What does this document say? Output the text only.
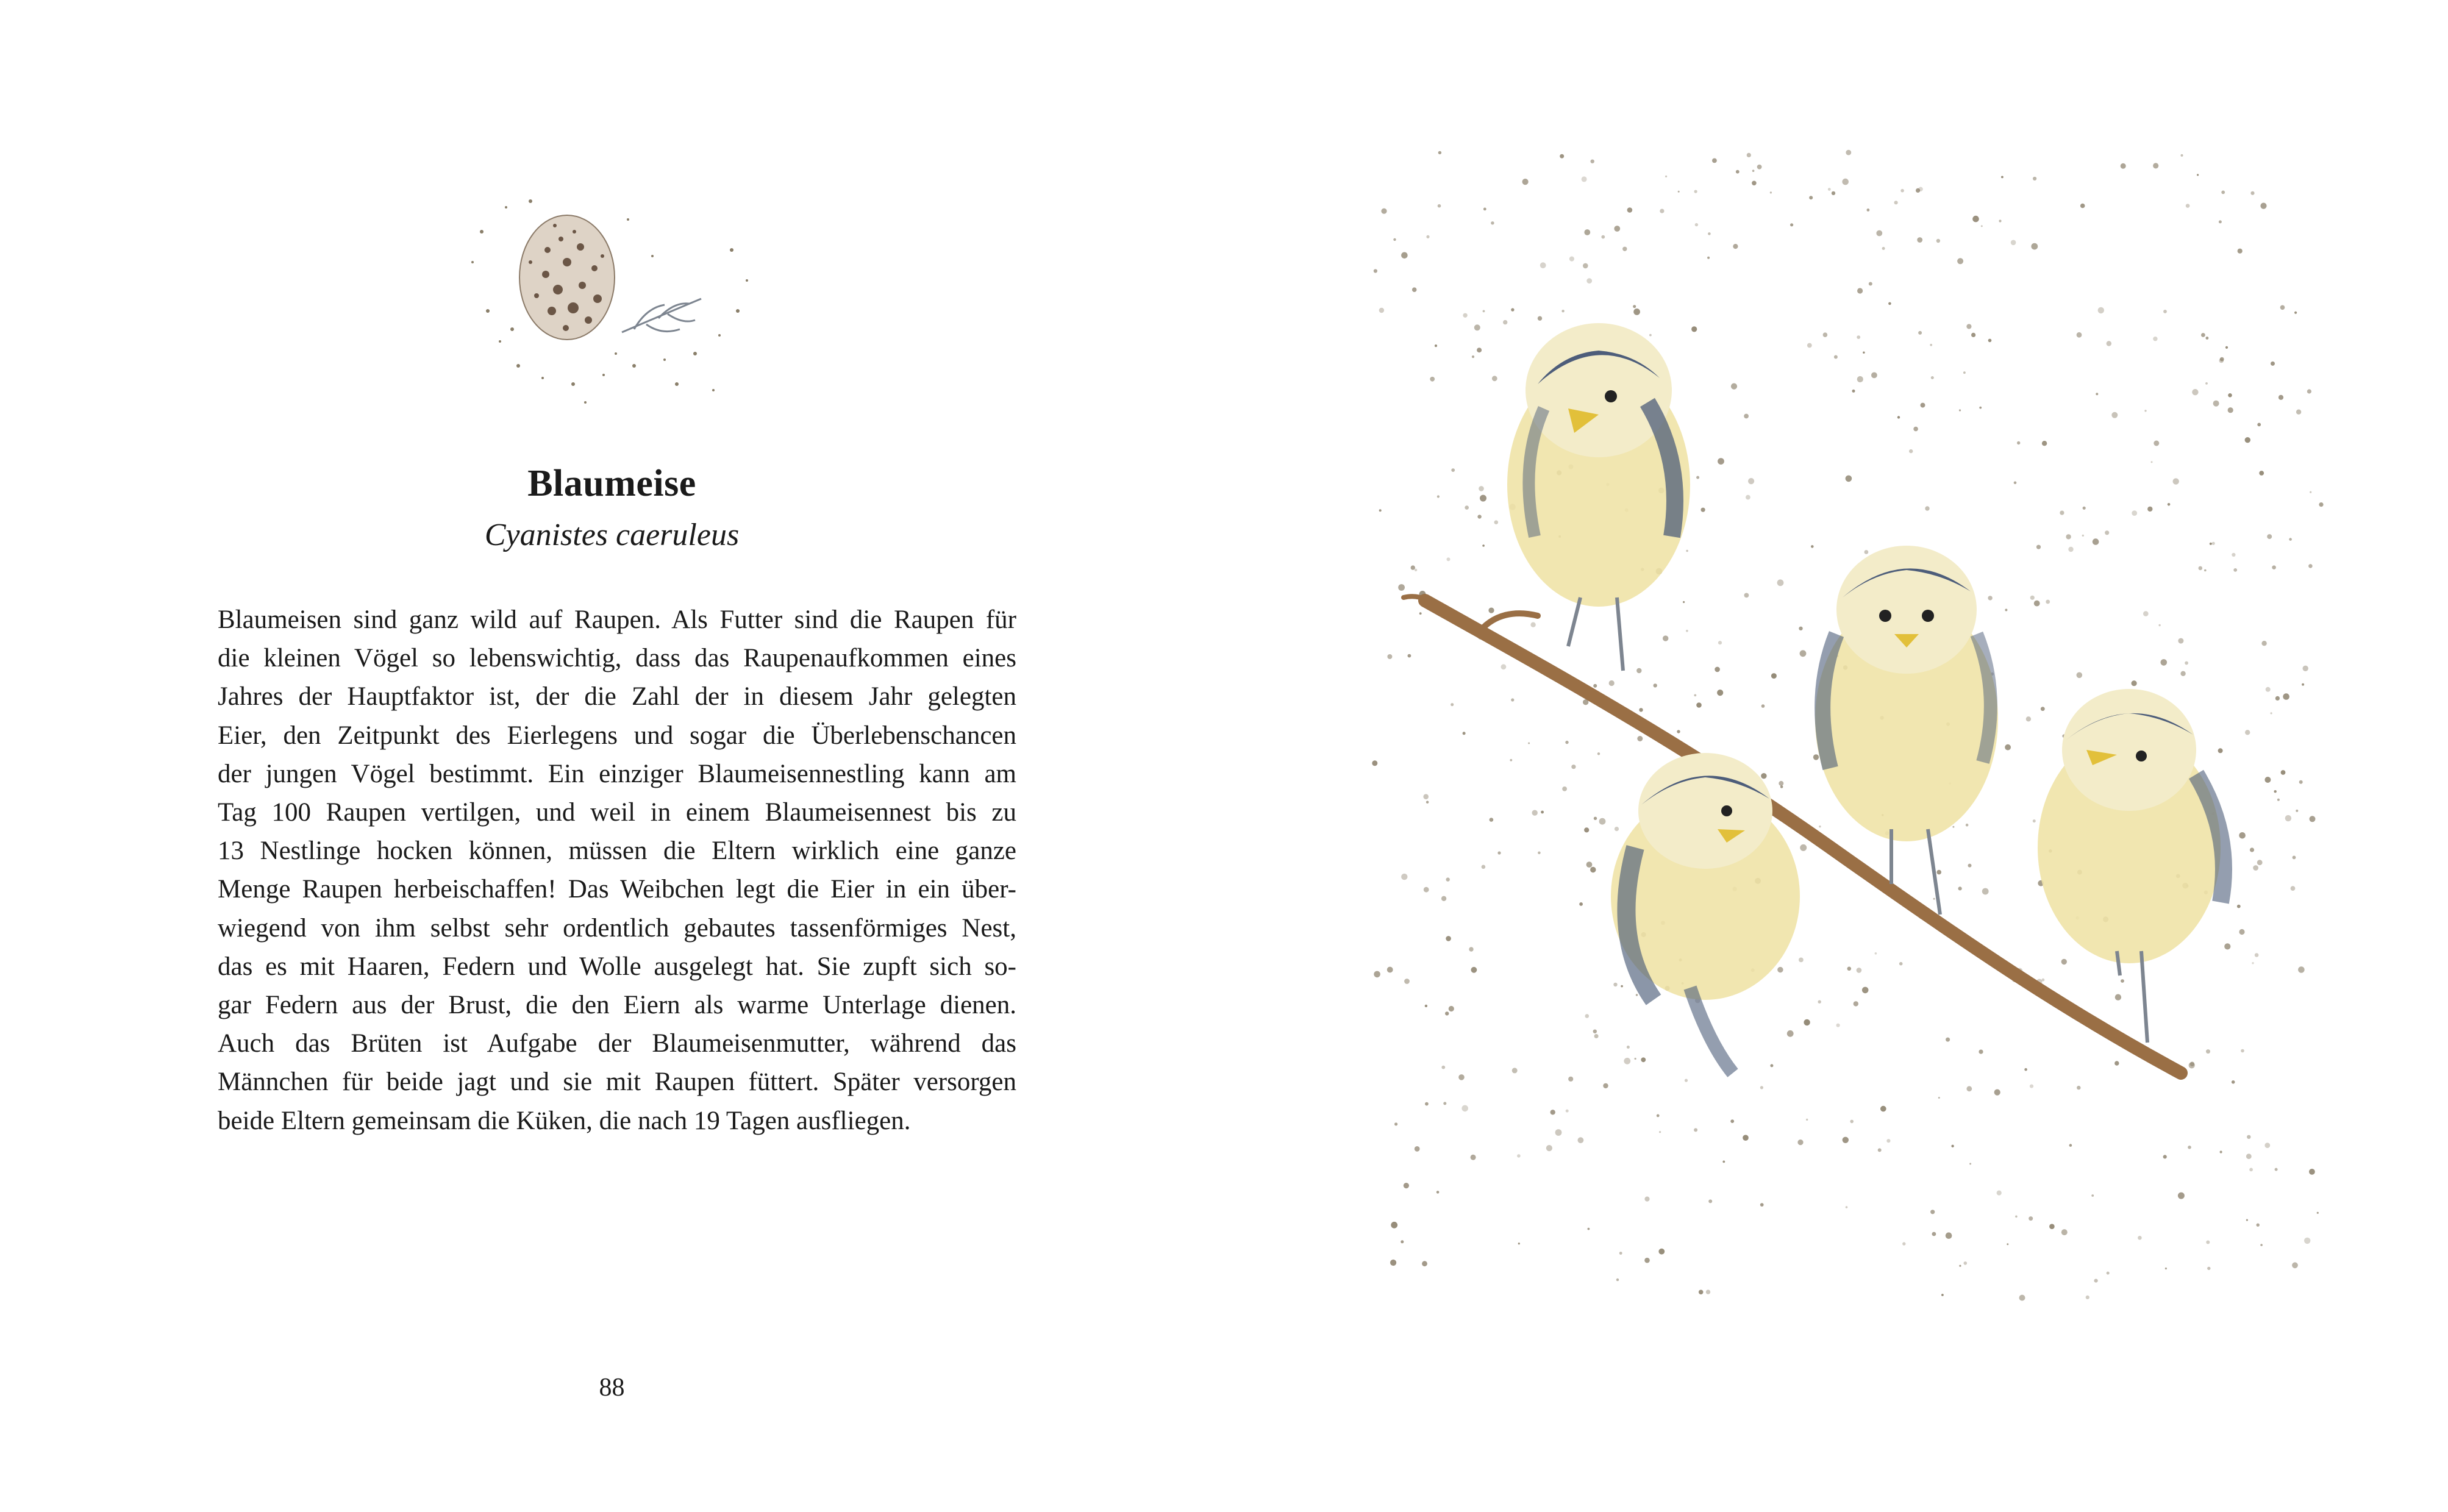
Blaumeise

Cyanistes caeruleus

Blaumeisen sind ganz wild auf Raupen. Als Futter sind die Raupen für
die kleinen Vögel so lebenswichtig, dass das Raupenaufkommen eines
Jahres der Hauptfaktor ist, der die Zahl der in diesem Jahr gelegten
Eier, den Zeitpunkt des Eierlegens und sogar die Überlebenschancen
der jungen Vögel bestimmt. Ein einziger Blaumeisennestling kann am
Tag 100 Raupen vertilgen, und weil in einem Blaumeisennest bis zu
13 Nestlinge hocken können, müssen die Eltern wirklich eine ganze
Menge Raupen herbeischaffen! Das Weibchen legt die Eier in ein über-
wiegend von ihm selbst sehr ordentlich gebautes tassenförmiges Nest,
das es mit Haaren, Federn und Wolle ausgelegt hat. Sie zupft sich so-
gar Federn aus der Brust, die den Eiern als warme Unterlage dienen.
Auch das Brüten ist Aufgabe der Blaumeisenmutter, während das
Männchen für beide jagt und sie mit Raupen füttert. Später versorgen
beide Eltern gemeinsam die Küken, die nach 19 Tagen ausfliegen.
88
